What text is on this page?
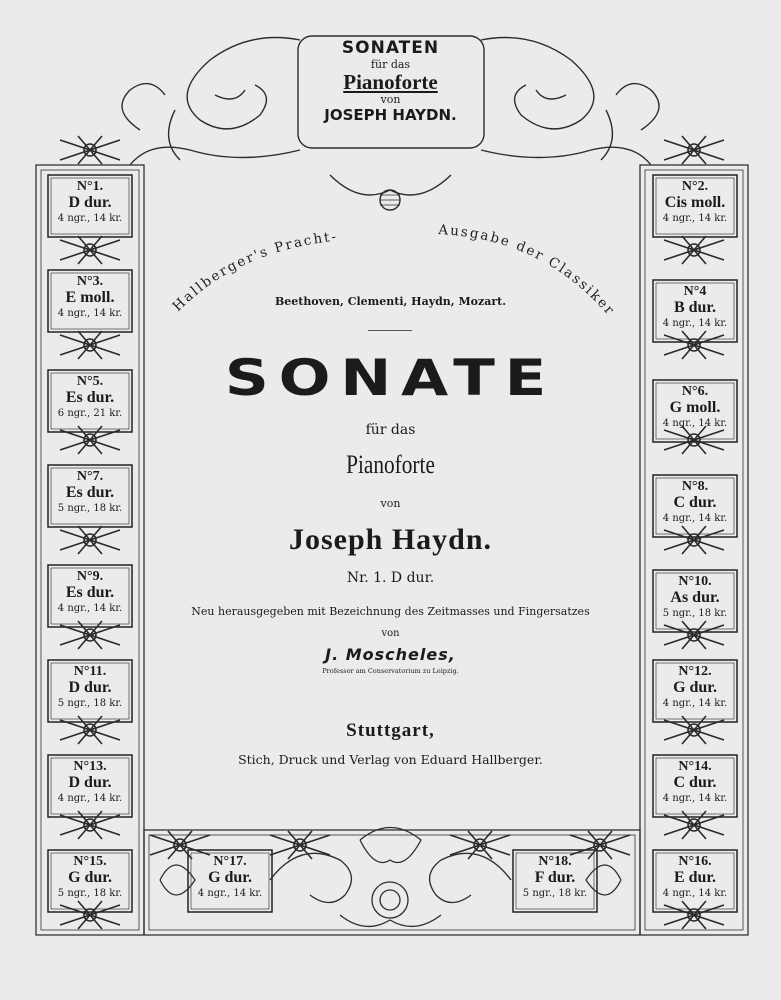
Hallberger's Pracht-	Ausgabe der Classiker
SONATEN
für das
Pianoforte
von
JOSEPH HAYDN.
Beethoven, Clementi, Haydn, Mozart.
SONATE
für das
Pianoforte
von
Joseph Haydn.
Nr. 1. D dur.
Neu herausgegeben mit Bezeichnung des Zeitmasses und Fingersatzes
von
J. Moscheles,
Professor am Conservatorium zu Leipzig.
Stuttgart,
Stich, Druck und Verlag von Eduard Hallberger.
N°1.
D dur.
4 ngr., 14 kr.
N°2.
Cis moll.
4 ngr., 14 kr.
N°3.
E moll.
4 ngr., 14 kr.
N°4
B dur.
4 ngr., 14 kr.
N°5.
Es dur.
6 ngr., 21 kr.
N°6.
G moll.
4 ngr., 14 kr.
N°7.
Es dur.
5 ngr., 18 kr.
N°8.
C dur.
4 ngr., 14 kr.
N°9.
Es dur.
4 ngr., 14 kr.
N°10.
As dur.
5 ngr., 18 kr.
N°11.
D dur.
5 ngr., 18 kr.
N°12.
G dur.
4 ngr., 14 kr.
N°13.
D dur.
4 ngr., 14 kr.
N°14.
C dur.
4 ngr., 14 kr.
N°15.
G dur.
5 ngr., 18 kr.
N°16.
E dur.
4 ngr., 14 kr.
N°17.
G dur.
4 ngr., 14 kr.
N°18.
F dur.
5 ngr., 18 kr.
